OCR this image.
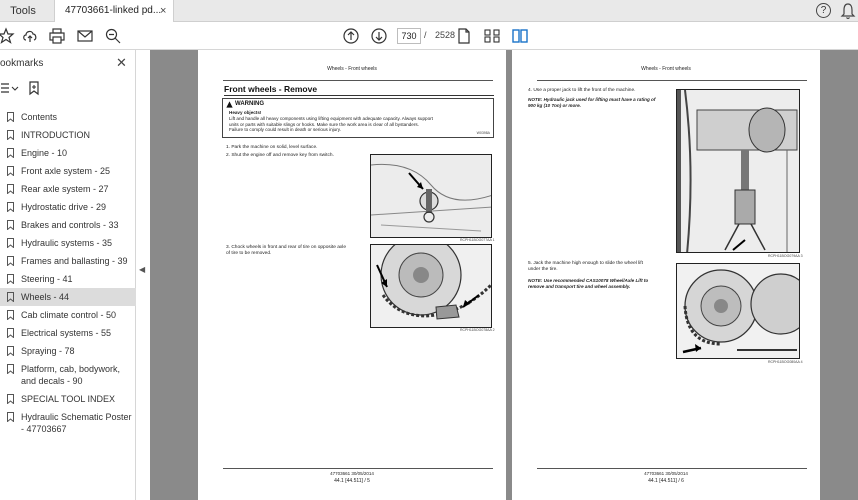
Tools	47703661-linked pd...
×	?
730 / 2528
ookmarks	✕
Contents
INTRODUCTION
Engine - 10
Front axle system - 25
Rear axle system - 27
Hydrostatic drive - 29
Brakes and controls - 33
Hydraulic systems - 35
Frames and ballasting - 39
Steering - 41
Wheels - 44
Cab climate control - 50
Electrical systems - 55
Spraying - 78
Platform, cab, bodywork, and decals - 90
SPECIAL TOOL INDEX
Hydraulic Schematic Poster - 47703667
◀
Wheels - Front wheels
Front wheels - Remove
WARNING
Heavy objects!
Lift and handle all heavy components using lifting equipment with adequate capacity. Always support
units or parts with suitable slings or hooks. Make sure the work area is clear of all bystanders.
Failure to comply could result in death or serious injury.
W0398A
1. Park the machine on solid, level surface.
2. Shut the engine off and remove key from switch.
RCPH11BOG077AA 1
3. Chock wheels in front and rear of tire on opposite axle
of tire to be removed.
RCPH11BOG078AA 2
47703661 30/05/2014
44.1 [44.511] / 5
Wheels - Front wheels
4. Use a proper jack to lift the front of the machine.
NOTE: Hydraulic jack used for lifting must have a rating of
900 kg (10 Ton) or more.
RCPH11BOG079AA 3
5. Jack the machine high enough to slide the wheel lift
under the tire.
NOTE: Use recommended CAS10078 Wheel/Axle Lift to
remove and transport tire and wheel assembly.
RCPH11BOG080AA 4
47703661 30/05/2014
44.1 [44.511] / 6
